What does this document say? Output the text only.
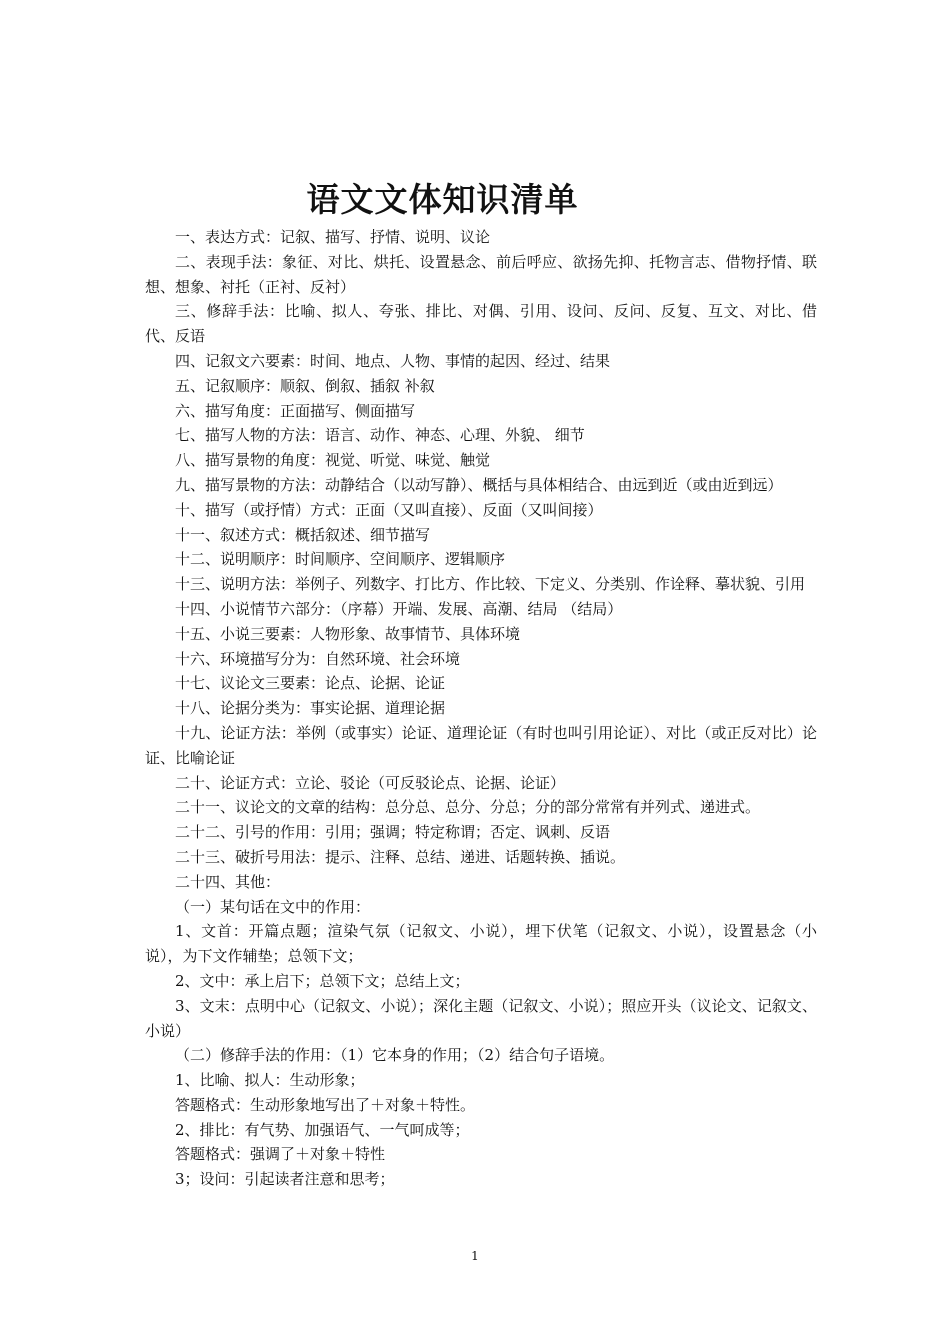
语文文体知识清单

一、表达方式：记叙、描写、抒情、说明、议论

二、表现手法：象征、对比、烘托、设置悬念、前后呼应、欲扬先抑、托物言志、借物抒情、联想、想象、衬托（正衬、反衬）

三、修辞手法：比喻、拟人、夸张、排比、对偶、引用、设问、反问、反复、互文、对比、借代、反语

四、记叙文六要素：时间、地点、人物、事情的起因、经过、结果

五、记叙顺序：顺叙、倒叙、插叙 补叙

六、描写角度：正面描写、侧面描写

七、描写人物的方法：语言、动作、神态、心理、外貌、 细节

八、描写景物的角度：视觉、听觉、味觉、触觉

九、描写景物的方法：动静结合（以动写静）、概括与具体相结合、由远到近（或由近到远）

十、描写（或抒情）方式：正面（又叫直接）、反面（又叫间接）

十一、叙述方式：概括叙述、细节描写

十二、说明顺序：时间顺序、空间顺序、逻辑顺序

十三、说明方法：举例子、列数字、打比方、作比较、下定义、分类别、作诠释、摹状貌、引用

十四、小说情节六部分：（序幕）开端、发展、高潮、结局 （结局）

十五、小说三要素：人物形象、故事情节、具体环境

十六、环境描写分为：自然环境、社会环境

十七、议论文三要素：论点、论据、论证

十八、论据分类为：事实论据、道理论据

十九、论证方法：举例（或事实）论证、道理论证（有时也叫引用论证）、对比（或正反对比）论证、比喻论证

二十、论证方式：立论、驳论（可反驳论点、论据、论证）

二十一、议论文的文章的结构：总分总、总分、分总；分的部分常常有并列式、递进式。

二十二、引号的作用：引用；强调；特定称谓；否定、讽刺、反语

二十三、破折号用法：提示、注释、总结、递进、话题转换、插说。

二十四、其他：

（一）某句话在文中的作用：

1、文首：开篇点题；渲染气氛（记叙文、小说），埋下伏笔（记叙文、小说），设置悬念（小说），为下文作辅垫；总领下文；

2、文中：承上启下；总领下文；总结上文；

3、文末：点明中心（记叙文、小说）；深化主题（记叙文、小说）；照应开头（议论文、记叙文、小说）

（二）修辞手法的作用：（1）它本身的作用；（2）结合句子语境。

1、比喻、拟人：生动形象；

答题格式：生动形象地写出了＋对象＋特性。

2、排比：有气势、加强语气、一气呵成等；

答题格式：强调了＋对象＋特性

3；设问：引起读者注意和思考；

1
